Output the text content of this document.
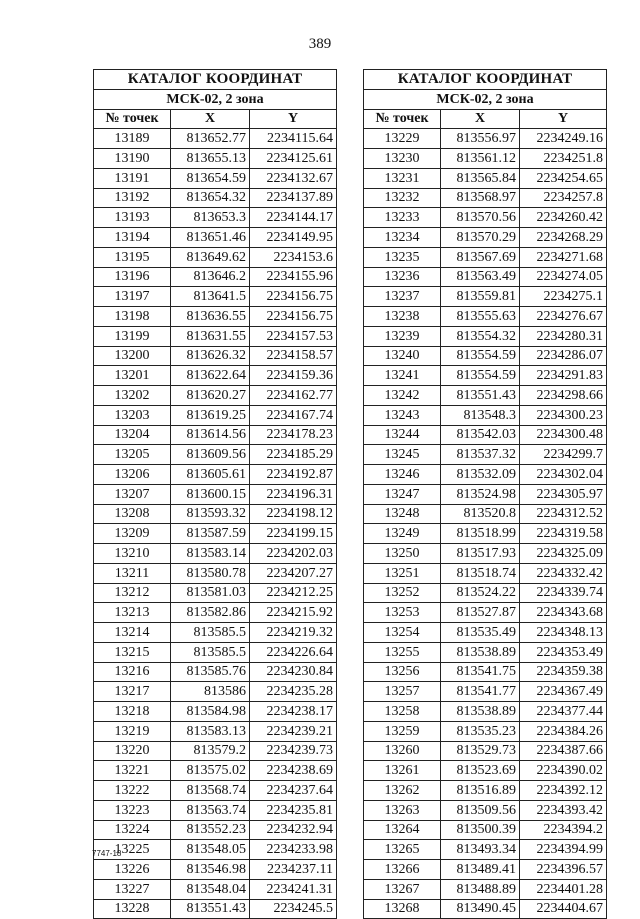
389
КАТАЛОГ КООРДИНАТ		
МСК-02, 2 зона		
№ точек	X	Y
13189	813652.77	2234115.64
13190	813655.13	2234125.61
13191	813654.59	2234132.67
13192	813654.32	2234137.89
13193	813653.3	2234144.17
13194	813651.46	2234149.95
13195	813649.62	2234153.6
13196	813646.2	2234155.96
13197	813641.5	2234156.75
13198	813636.55	2234156.75
13199	813631.55	2234157.53
13200	813626.32	2234158.57
13201	813622.64	2234159.36
13202	813620.27	2234162.77
13203	813619.25	2234167.74
13204	813614.56	2234178.23
13205	813609.56	2234185.29
13206	813605.61	2234192.87
13207	813600.15	2234196.31
13208	813593.32	2234198.12
13209	813587.59	2234199.15
13210	813583.14	2234202.03
13211	813580.78	2234207.27
13212	813581.03	2234212.25
13213	813582.86	2234215.92
13214	813585.5	2234219.32
13215	813585.5	2234226.64
13216	813585.76	2234230.84
13217	813586	2234235.28
13218	813584.98	2234238.17
13219	813583.13	2234239.21
13220	813579.2	2234239.73
13221	813575.02	2234238.69
13222	813568.74	2234237.64
13223	813563.74	2234235.81
13224	813552.23	2234232.94
13225	813548.05	2234233.98
13226	813546.98	2234237.11
13227	813548.04	2234241.31
13228	813551.43	2234245.5
КАТАЛОГ КООРДИНАТ		
МСК-02, 2 зона		
№ точек	X	Y
13229	813556.97	2234249.16
13230	813561.12	2234251.8
13231	813565.84	2234254.65
13232	813568.97	2234257.8
13233	813570.56	2234260.42
13234	813570.29	2234268.29
13235	813567.69	2234271.68
13236	813563.49	2234274.05
13237	813559.81	2234275.1
13238	813555.63	2234276.67
13239	813554.32	2234280.31
13240	813554.59	2234286.07
13241	813554.59	2234291.83
13242	813551.43	2234298.66
13243	813548.3	2234300.23
13244	813542.03	2234300.48
13245	813537.32	2234299.7
13246	813532.09	2234302.04
13247	813524.98	2234305.97
13248	813520.8	2234312.52
13249	813518.99	2234319.58
13250	813517.93	2234325.09
13251	813518.74	2234332.42
13252	813524.22	2234339.74
13253	813527.87	2234343.68
13254	813535.49	2234348.13
13255	813538.89	2234353.49
13256	813541.75	2234359.38
13257	813541.77	2234367.49
13258	813538.89	2234377.44
13259	813535.23	2234384.26
13260	813529.73	2234387.66
13261	813523.69	2234390.02
13262	813516.89	2234392.12
13263	813509.56	2234393.42
13264	813500.39	2234394.2
13265	813493.34	2234394.99
13266	813489.41	2234396.57
13267	813488.89	2234401.28
13268	813490.45	2234404.67
7747-18
